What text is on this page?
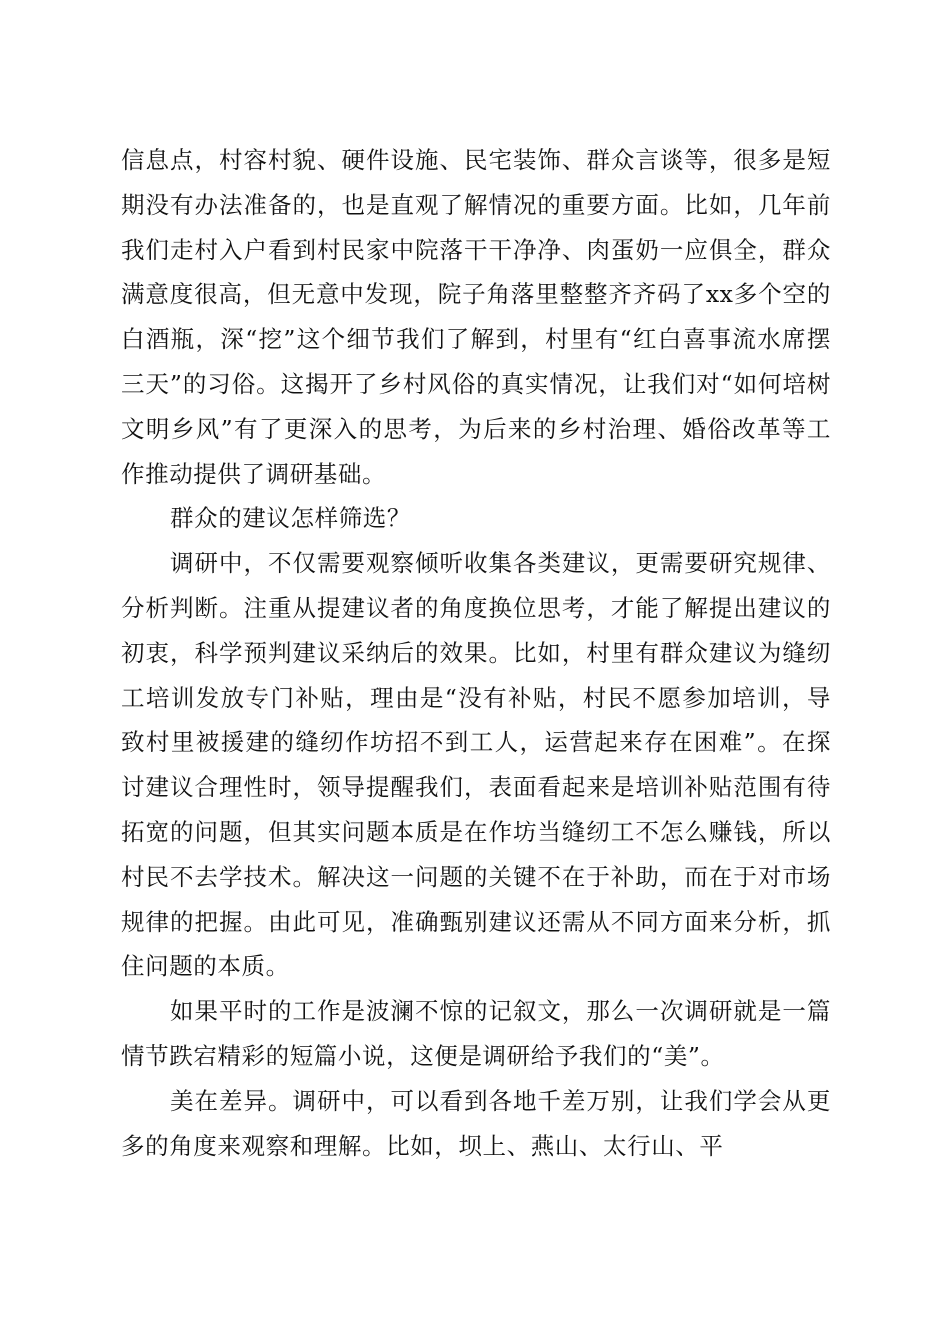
信息点，村容村貌、硬件设施、民宅装饰、群众言谈等，很多是短期没有办法准备的，也是直观了解情况的重要方面。比如，几年前我们走村入户看到村民家中院落干干净净、肉蛋奶一应俱全，群众满意度很高，但无意中发现，院子角落里整整齐齐码了xx多个空的白酒瓶，深“挖”这个细节我们了解到，村里有“红白喜事流水席摆三天”的习俗。这揭开了乡村风俗的真实情况，让我们对“如何培树文明乡风”有了更深入的思考，为后来的乡村治理、婚俗改革等工作推动提供了调研基础。

群众的建议怎样筛选？

调研中，不仅需要观察倾听收集各类建议，更需要研究规律、分析判断。注重从提建议者的角度换位思考，才能了解提出建议的初衷，科学预判建议采纳后的效果。比如，村里有群众建议为缝纫工培训发放专门补贴，理由是“没有补贴，村民不愿参加培训，导致村里被援建的缝纫作坊招不到工人，运营起来存在困难”。在探讨建议合理性时，领导提醒我们，表面看起来是培训补贴范围有待拓宽的问题，但其实问题本质是在作坊当缝纫工不怎么赚钱，所以村民不去学技术。解决这一问题的关键不在于补助，而在于对市场规律的把握。由此可见，准确甄别建议还需从不同方面来分析，抓住问题的本质。

如果平时的工作是波澜不惊的记叙文，那么一次调研就是一篇情节跌宕精彩的短篇小说，这便是调研给予我们的“美”。

美在差异。调研中，可以看到各地千差万别，让我们学会从更多的角度来观察和理解。比如，坝上、燕山、太行山、平
